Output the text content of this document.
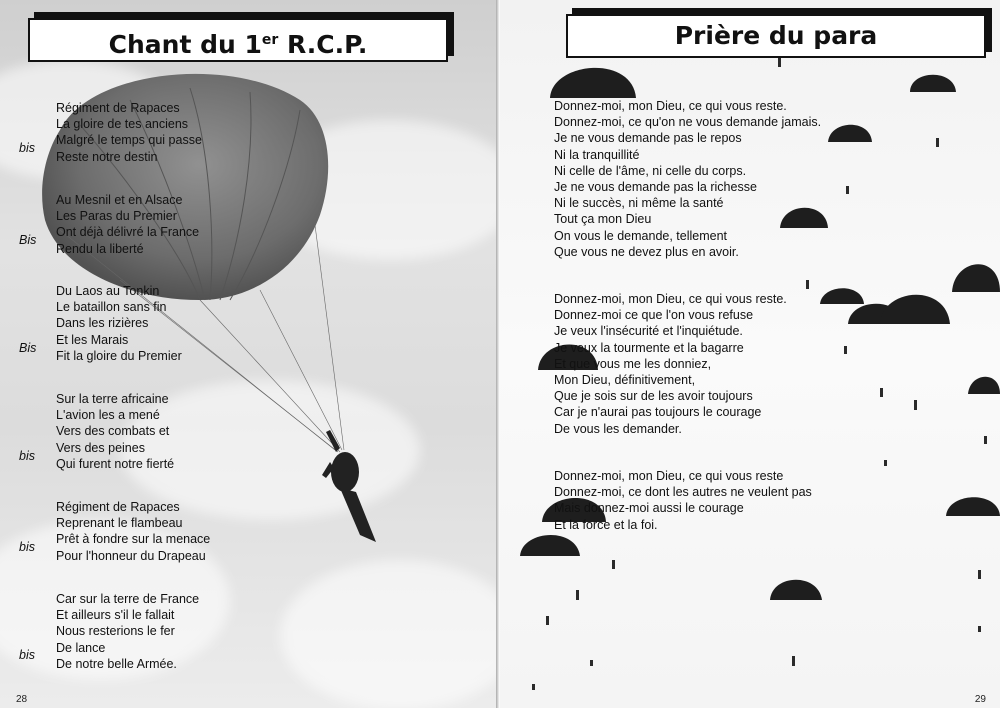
Chant du 1er R.C.P.
Régiment de Rapaces
La gloire de tes anciens
Malgré le temps qui passe
Reste notre destin
bis
Au Mesnil et en Alsace
Les Paras du Premier
Ont déjà délivré la France
Rendu la liberté
Bis
Du Laos au Tonkin
Le bataillon sans fin
Dans les rizières
Et les Marais
Fit la gloire du Premier
Bis
Sur la terre africaine
L'avion les a mené
Vers des combats et
Vers des peines
Qui furent notre fierté
bis
Régiment de Rapaces
Reprenant le flambeau
Prêt à fondre sur la menace
Pour l'honneur du Drapeau
bis
Car sur la terre de France
Et ailleurs s'il le fallait
Nous resterions le fer
De lance
De notre belle Armée.
bis
28
Prière du para
Donnez-moi, mon Dieu, ce qui vous reste.
Donnez-moi, ce qu'on ne vous demande jamais.
Je ne vous demande pas le repos
Ni la tranquillité
Ni celle de l'âme, ni celle du corps.
Je ne vous demande pas la richesse
Ni le succès, ni même la santé
Tout ça mon Dieu
On vous le demande, tellement
Que vous ne devez plus en avoir.
Donnez-moi, mon Dieu, ce qui vous reste.
Donnez-moi ce que l'on vous refuse
Je veux l'insécurité et l'inquiétude.
Je veux la tourmente et la bagarre
Et que vous me les donniez,
Mon Dieu, définitivement,
Que je sois sur de les avoir toujours
Car je n'aurai pas toujours le courage
De vous les demander.
Donnez-moi, mon Dieu, ce qui vous reste
Donnez-moi, ce dont les autres ne veulent pas
Mais donnez-moi aussi le courage
Et la force et la foi.
29
